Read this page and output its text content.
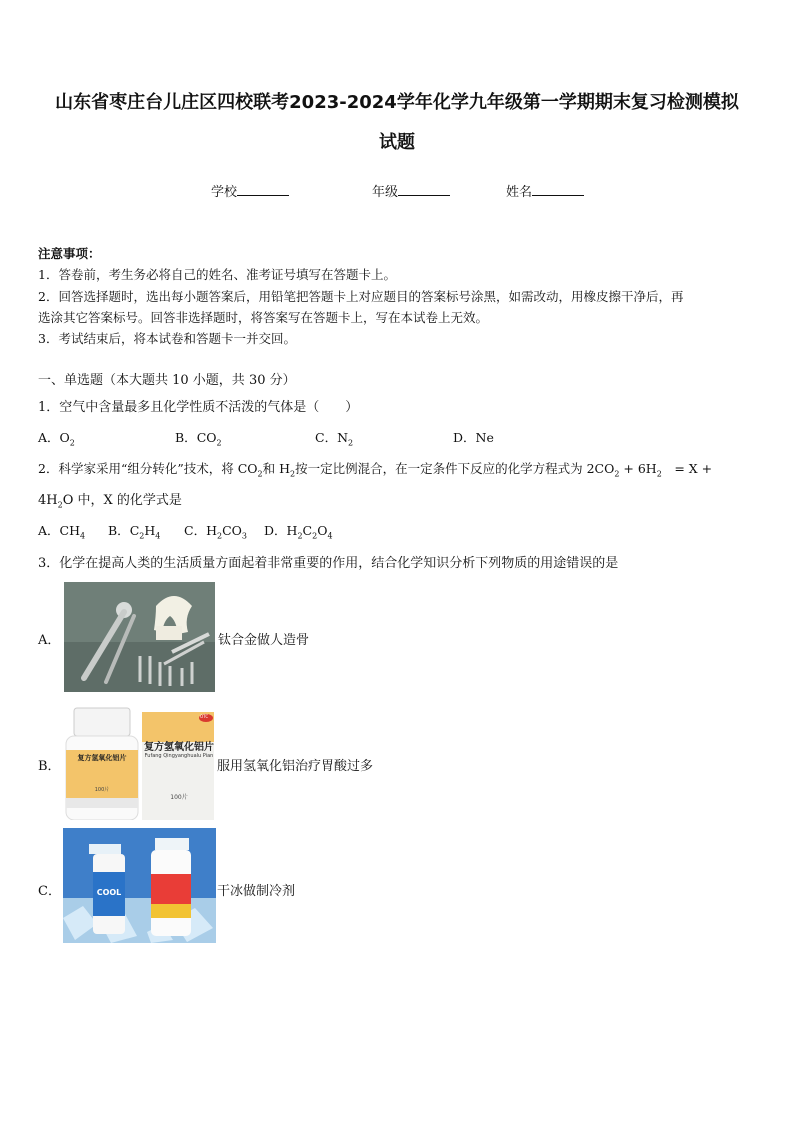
山东省枣庄台儿庄区四校联考2023-2024学年化学九年级第一学期期末复习检测模拟
试题
学校	年级	姓名
注意事项：
1．答卷前，考生务必将自己的姓名、准考证号填写在答题卡上。
2．回答选择题时，选出每小题答案后，用铅笔把答题卡上对应题目的答案标号涂黑，如需改动，用橡皮擦干净后，再
选涂其它答案标号。回答非选择题时，将答案写在答题卡上，写在本试卷上无效。
3．考试结束后，将本试卷和答题卡一并交回。
一、单选题（本大题共 10 小题，共 30 分）
1．空气中含量最多且化学性质不活泼的气体是（　　）
A．$O_2$	B．$CO_2$	C．$N_2$	D．Ne
2．科学家采用“组分转化”技术，将 $CO_2$和 $H_2$按一定比例混合，在一定条件下反应的化学方程式为 $2CO_2 + 6H_2$　= X +
$4H_2O$ 中，X 的化学式是
A．$CH_4$ B．$C_2H_4$ C．$H_2CO_3$ D．$H_2C_2O_4$
3．化学在提高人类的生活质量方面起着非常重要的作用，结合化学知识分析下列物质的用途错误的是
A．	钛合金做人造骨
B．
复方氢氧化铝片
Fufang Qingyanghualu Pian
100片
OTC
复方氢氧化铝片
100片
服用氢氧化铝治疗胃酸过多
C．	COOL	干冰做制冷剂
